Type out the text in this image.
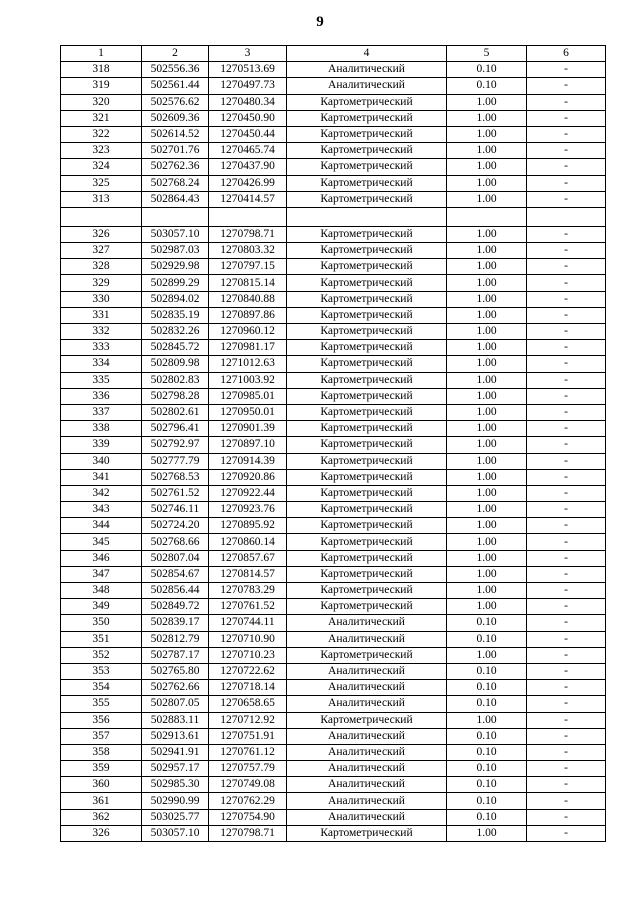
9
1	2	3	4	5	6
318	502556.36	1270513.69	Аналитический	0.10	-
319	502561.44	1270497.73	Аналитический	0.10	-
320	502576.62	1270480.34	Картометрический	1.00	-
321	502609.36	1270450.90	Картометрический	1.00	-
322	502614.52	1270450.44	Картометрический	1.00	-
323	502701.76	1270465.74	Картометрический	1.00	-
324	502762.36	1270437.90	Картометрический	1.00	-
325	502768.24	1270426.99	Картометрический	1.00	-
313	502864.43	1270414.57	Картометрический	1.00	-

326	503057.10	1270798.71	Картометрический	1.00	-
327	502987.03	1270803.32	Картометрический	1.00	-
328	502929.98	1270797.15	Картометрический	1.00	-
329	502899.29	1270815.14	Картометрический	1.00	-
330	502894.02	1270840.88	Картометрический	1.00	-
331	502835.19	1270897.86	Картометрический	1.00	-
332	502832.26	1270960.12	Картометрический	1.00	-
333	502845.72	1270981.17	Картометрический	1.00	-
334	502809.98	1271012.63	Картометрический	1.00	-
335	502802.83	1271003.92	Картометрический	1.00	-
336	502798.28	1270985.01	Картометрический	1.00	-
337	502802.61	1270950.01	Картометрический	1.00	-
338	502796.41	1270901.39	Картометрический	1.00	-
339	502792.97	1270897.10	Картометрический	1.00	-
340	502777.79	1270914.39	Картометрический	1.00	-
341	502768.53	1270920.86	Картометрический	1.00	-
342	502761.52	1270922.44	Картометрический	1.00	-
343	502746.11	1270923.76	Картометрический	1.00	-
344	502724.20	1270895.92	Картометрический	1.00	-
345	502768.66	1270860.14	Картометрический	1.00	-
346	502807.04	1270857.67	Картометрический	1.00	-
347	502854.67	1270814.57	Картометрический	1.00	-
348	502856.44	1270783.29	Картометрический	1.00	-
349	502849.72	1270761.52	Картометрический	1.00	-
350	502839.17	1270744.11	Аналитический	0.10	-
351	502812.79	1270710.90	Аналитический	0.10	-
352	502787.17	1270710.23	Картометрический	1.00	-
353	502765.80	1270722.62	Аналитический	0.10	-
354	502762.66	1270718.14	Аналитический	0.10	-
355	502807.05	1270658.65	Аналитический	0.10	-
356	502883.11	1270712.92	Картометрический	1.00	-
357	502913.61	1270751.91	Аналитический	0.10	-
358	502941.91	1270761.12	Аналитический	0.10	-
359	502957.17	1270757.79	Аналитический	0.10	-
360	502985.30	1270749.08	Аналитический	0.10	-
361	502990.99	1270762.29	Аналитический	0.10	-
362	503025.77	1270754.90	Аналитический	0.10	-
326	503057.10	1270798.71	Картометрический	1.00	-
